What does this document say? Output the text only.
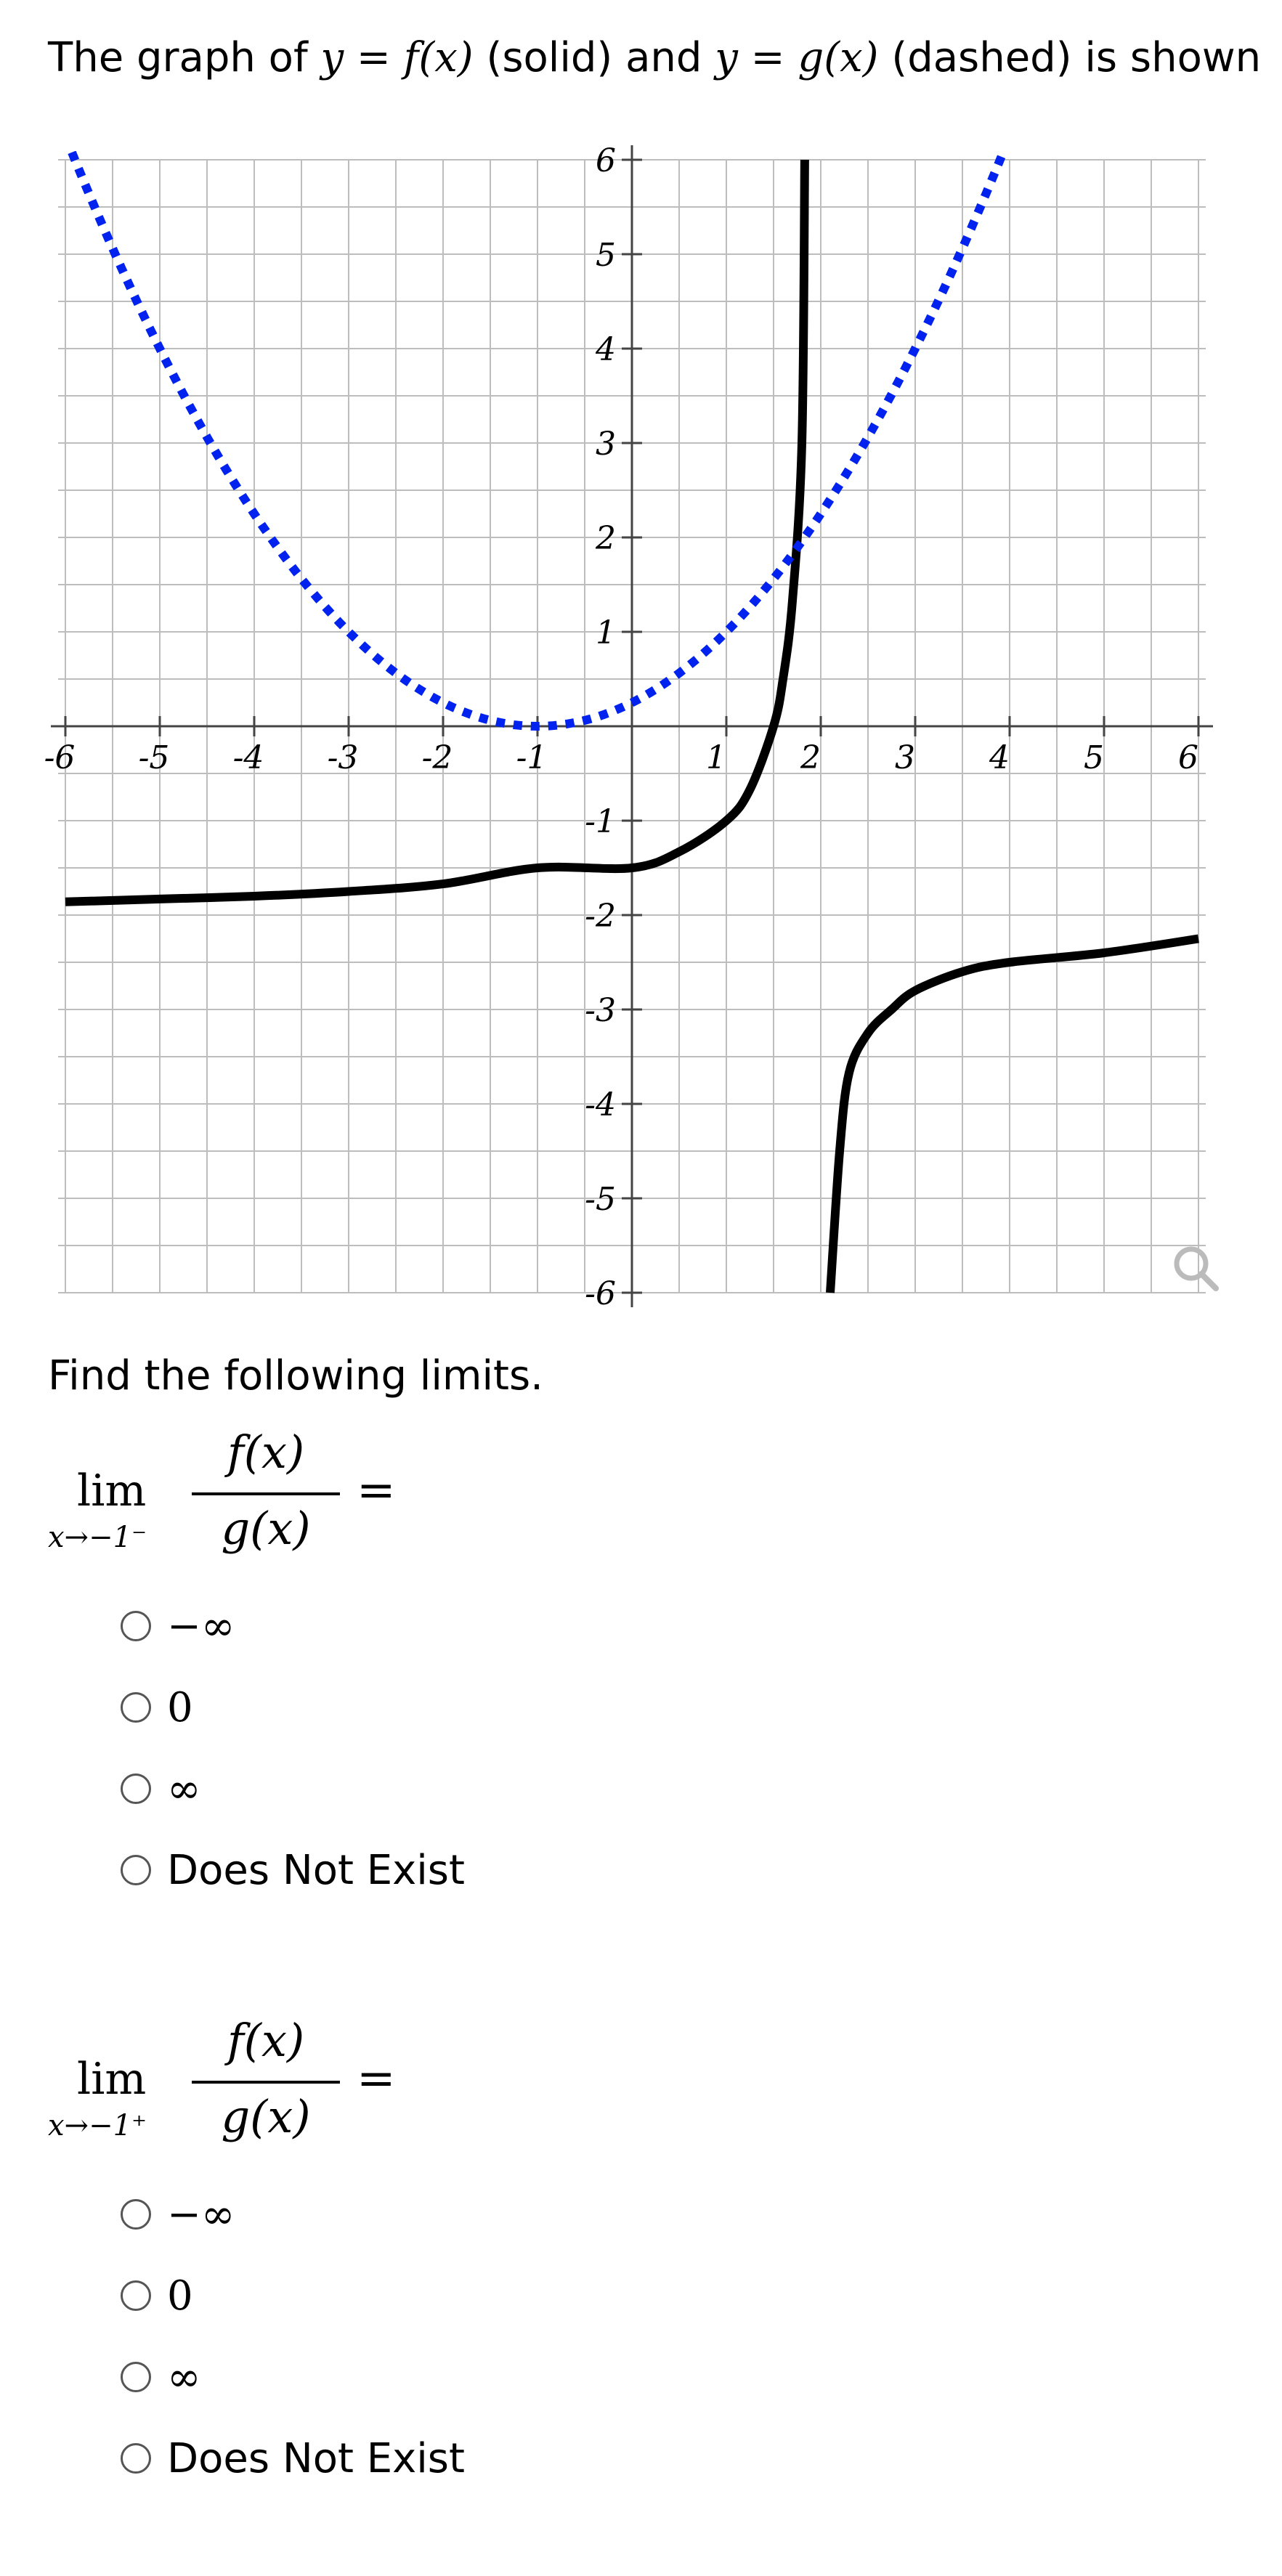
The graph of y = f(x) (solid) and y = g(x) (dashed) is shown
-6 -5 -4 -3 -2 -1	1 2 3 4 5 6
6
5
4
3
2
1
-1
-2
-3
-4
-5
-6
Find the following limits.
lim
x→−1⁻
f(x)
g(x)
=
−∞
0
∞
Does Not Exist
lim
x→−1⁺
f(x)
g(x)
=
−∞
0
∞
Does Not Exist
